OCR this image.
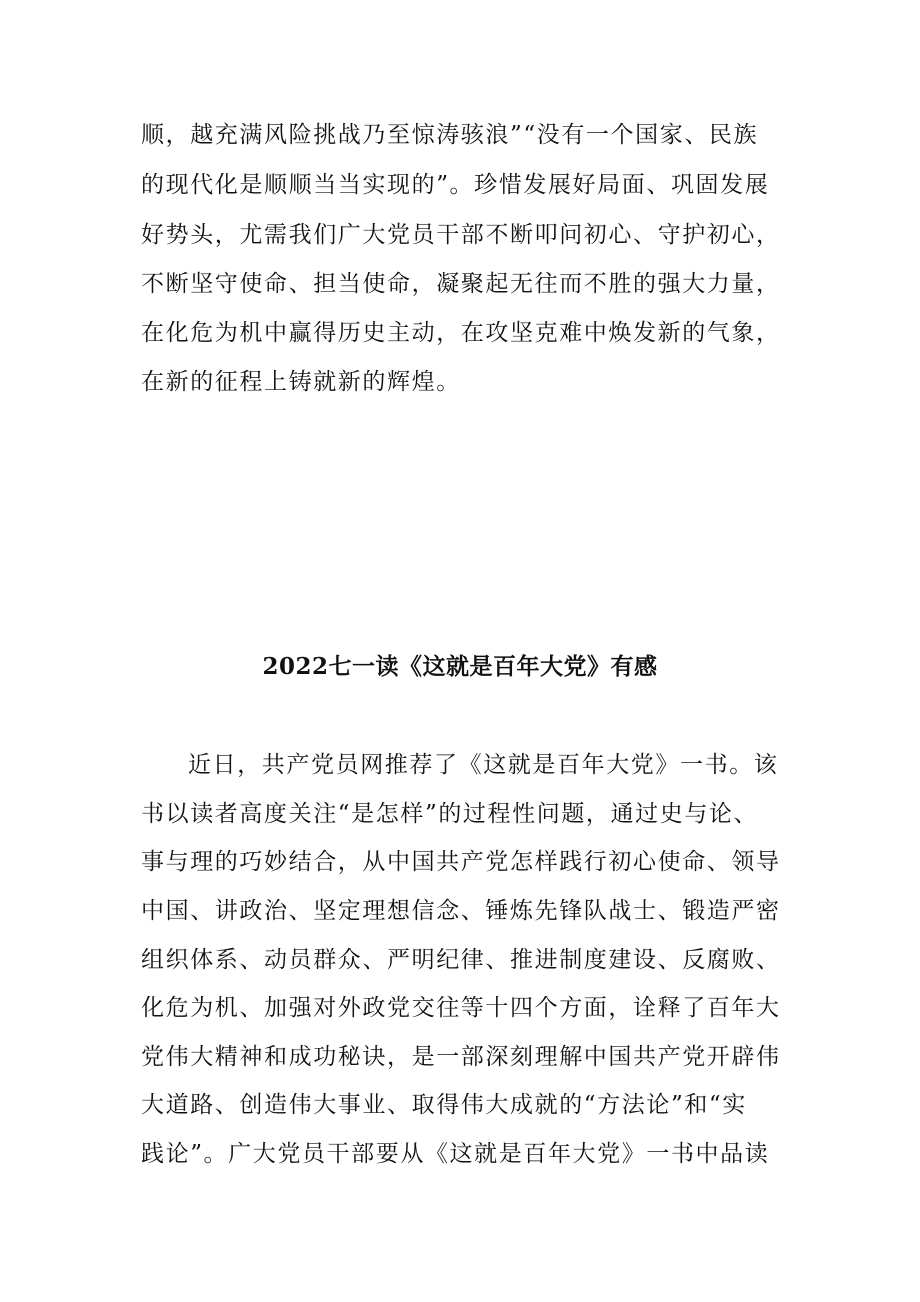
顺，越充满风险挑战乃至惊涛骇浪”“没有一个国家、民族
的现代化是顺顺当当实现的”。珍惜发展好局面、巩固发展
好势头，尤需我们广大党员干部不断叩问初心、守护初心，
不断坚守使命、担当使命，凝聚起无往而不胜的强大力量，
在化危为机中赢得历史主动，在攻坚克难中焕发新的气象，
在新的征程上铸就新的辉煌。
2022七一读《这就是百年大党》有感
近日，共产党员网推荐了《这就是百年大党》一书。该
书以读者高度关注“是怎样”的过程性问题，通过史与论、
事与理的巧妙结合，从中国共产党怎样践行初心使命、领导
中国、讲政治、坚定理想信念、锤炼先锋队战士、锻造严密
组织体系、动员群众、严明纪律、推进制度建设、反腐败、
化危为机、加强对外政党交往等十四个方面，诠释了百年大
党伟大精神和成功秘诀，是一部深刻理解中国共产党开辟伟
大道路、创造伟大事业、取得伟大成就的“方法论”和“实
践论”。广大党员干部要从《这就是百年大党》一书中品读
